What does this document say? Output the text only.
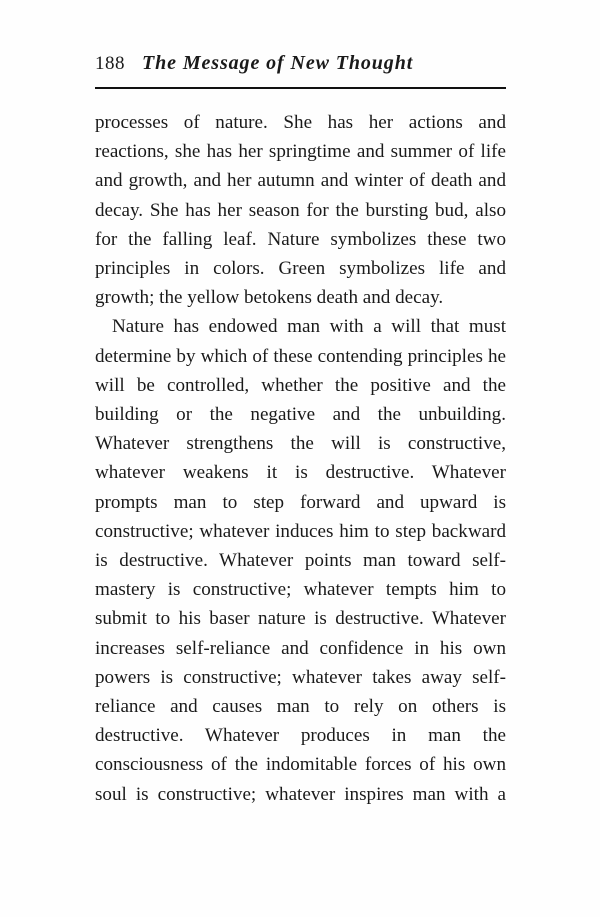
188 The Message of New Thought

processes of nature. She has her actions and reactions, she has her springtime and summer of life and growth, and her autumn and winter of death and decay. She has her season for the bursting bud, also for the falling leaf. Nature symbolizes these two principles in colors. Green symbolizes life and growth; the yellow betokens death and decay.

Nature has endowed man with a will that must determine by which of these contending principles he will be controlled, whether the positive and the building or the negative and the unbuilding. Whatever strengthens the will is constructive, whatever weakens it is destructive. Whatever prompts man to step forward and upward is constructive; whatever induces him to step backward is destructive. Whatever points man toward self-mastery is constructive; whatever tempts him to submit to his baser nature is destructive. Whatever increases self-reliance and confidence in his own powers is constructive; whatever takes away self-reliance and causes man to rely on others is destructive. Whatever produces in man the consciousness of the indomitable forces of his own soul is constructive; whatever inspires man with a
